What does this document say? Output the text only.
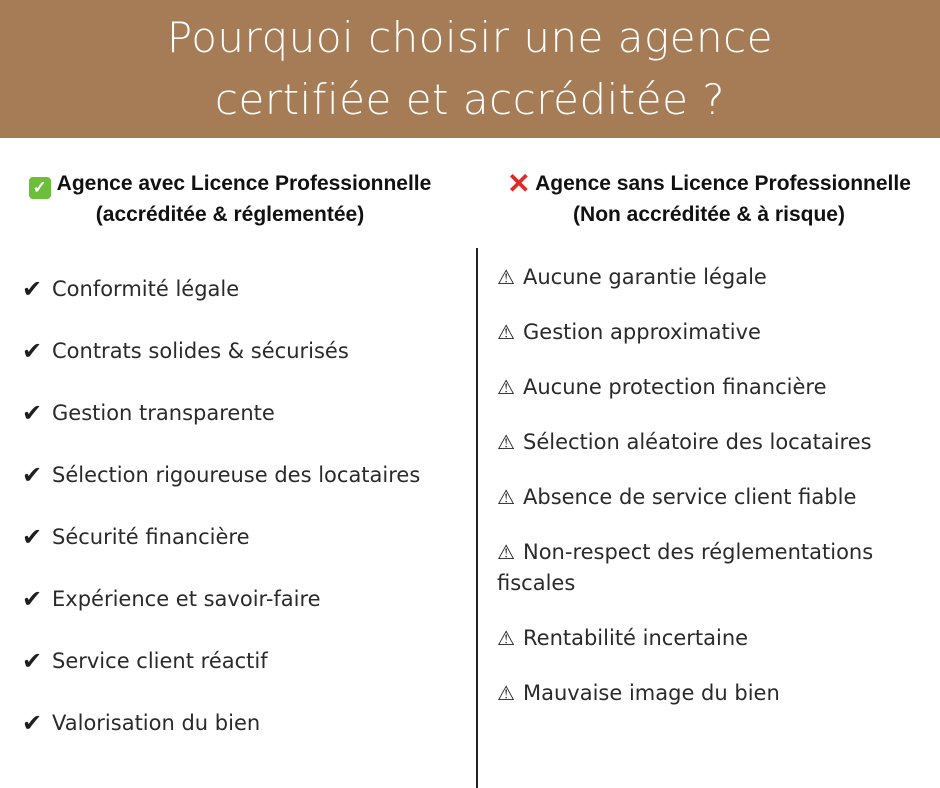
Pourquoi choisir une agence
certifiée et accréditée ?
✓ Agence avec Licence Professionnelle
(accréditée & réglementée)
✕ Agence sans Licence Professionnelle
(Non accréditée & à risque)
✔ Conformité légale
✔ Contrats solides & sécurisés
✔ Gestion transparente
✔ Sélection rigoureuse des locataires
✔ Sécurité financière
✔ Expérience et savoir-faire
✔ Service client réactif
✔ Valorisation du bien
⚠ Aucune garantie légale
⚠ Gestion approximative
⚠ Aucune protection financière
⚠ Sélection aléatoire des locataires
⚠ Absence de service client fiable
⚠ Non-respect des réglementations fiscales
⚠ Rentabilité incertaine
⚠ Mauvaise image du bien
